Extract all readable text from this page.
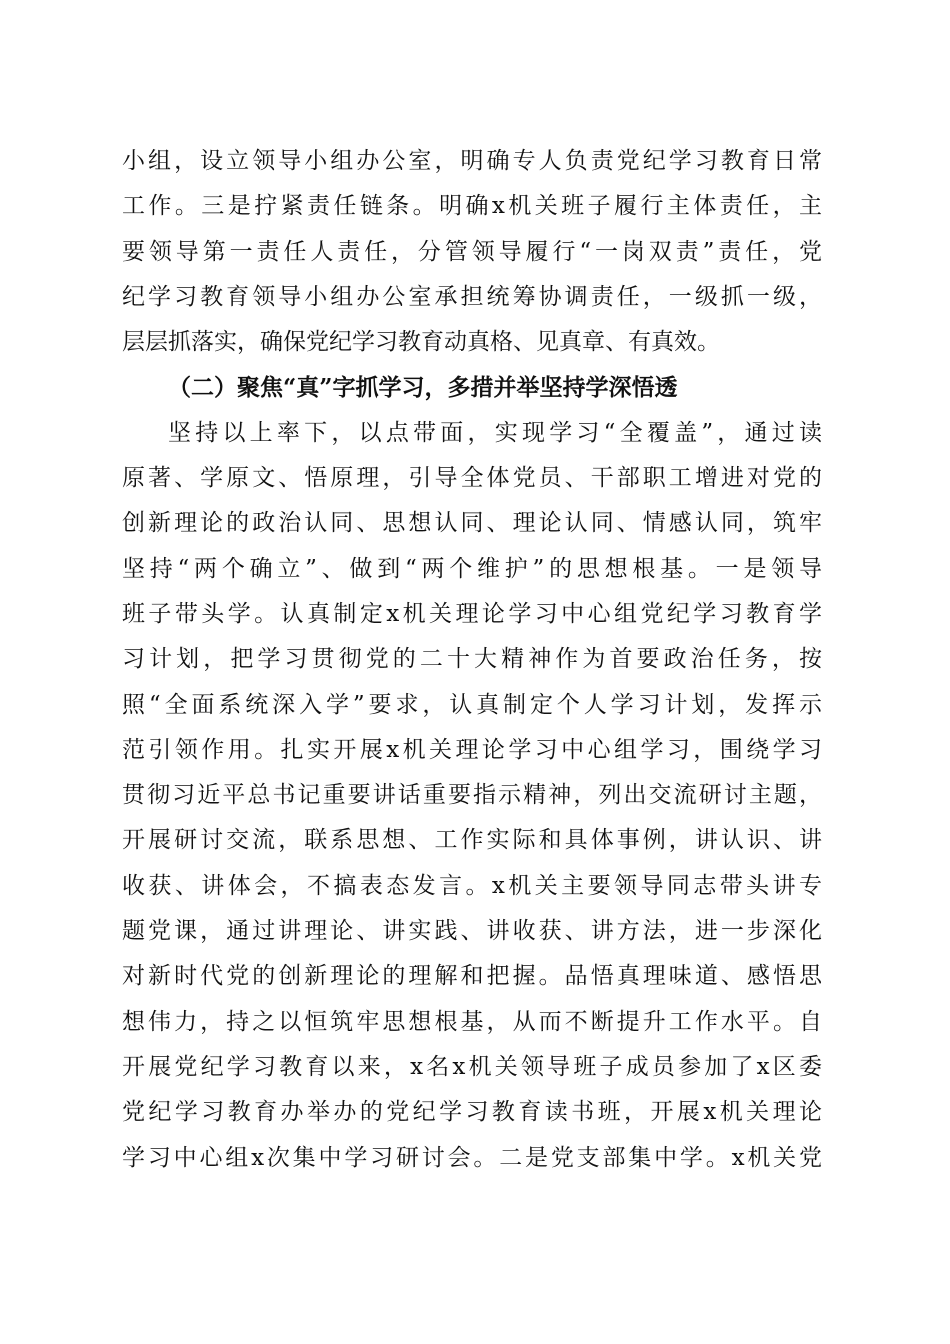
小组，设立领导小组办公室，明确专人负责党纪学习教育日常
工作。三是拧紧责任链条。明确x机关班子履行主体责任，主
要领导第一责任人责任，分管领导履行“一岗双责”责任，党
纪学习教育领导小组办公室承担统筹协调责任，一级抓一级，
层层抓落实，确保党纪学习教育动真格、见真章、有真效。
（二）聚焦“真”字抓学习，多措并举坚持学深悟透
坚持以上率下，以点带面，实现学习“全覆盖”，通过读
原著、学原文、悟原理，引导全体党员、干部职工增进对党的
创新理论的政治认同、思想认同、理论认同、情感认同，筑牢
坚持“两个确立”、做到“两个维护”的思想根基。一是领导
班子带头学。认真制定x机关理论学习中心组党纪学习教育学
习计划，把学习贯彻党的二十大精神作为首要政治任务，按
照“全面系统深入学”要求，认真制定个人学习计划，发挥示
范引领作用。扎实开展x机关理论学习中心组学习，围绕学习
贯彻习近平总书记重要讲话重要指示精神，列出交流研讨主题，
开展研讨交流，联系思想、工作实际和具体事例，讲认识、讲
收获、讲体会，不搞表态发言。x机关主要领导同志带头讲专
题党课，通过讲理论、讲实践、讲收获、讲方法，进一步深化
对新时代党的创新理论的理解和把握。品悟真理味道、感悟思
想伟力，持之以恒筑牢思想根基，从而不断提升工作水平。自
开展党纪学习教育以来，x名x机关领导班子成员参加了x区委
党纪学习教育办举办的党纪学习教育读书班，开展x机关理论
学习中心组x次集中学习研讨会。二是党支部集中学。x机关党
